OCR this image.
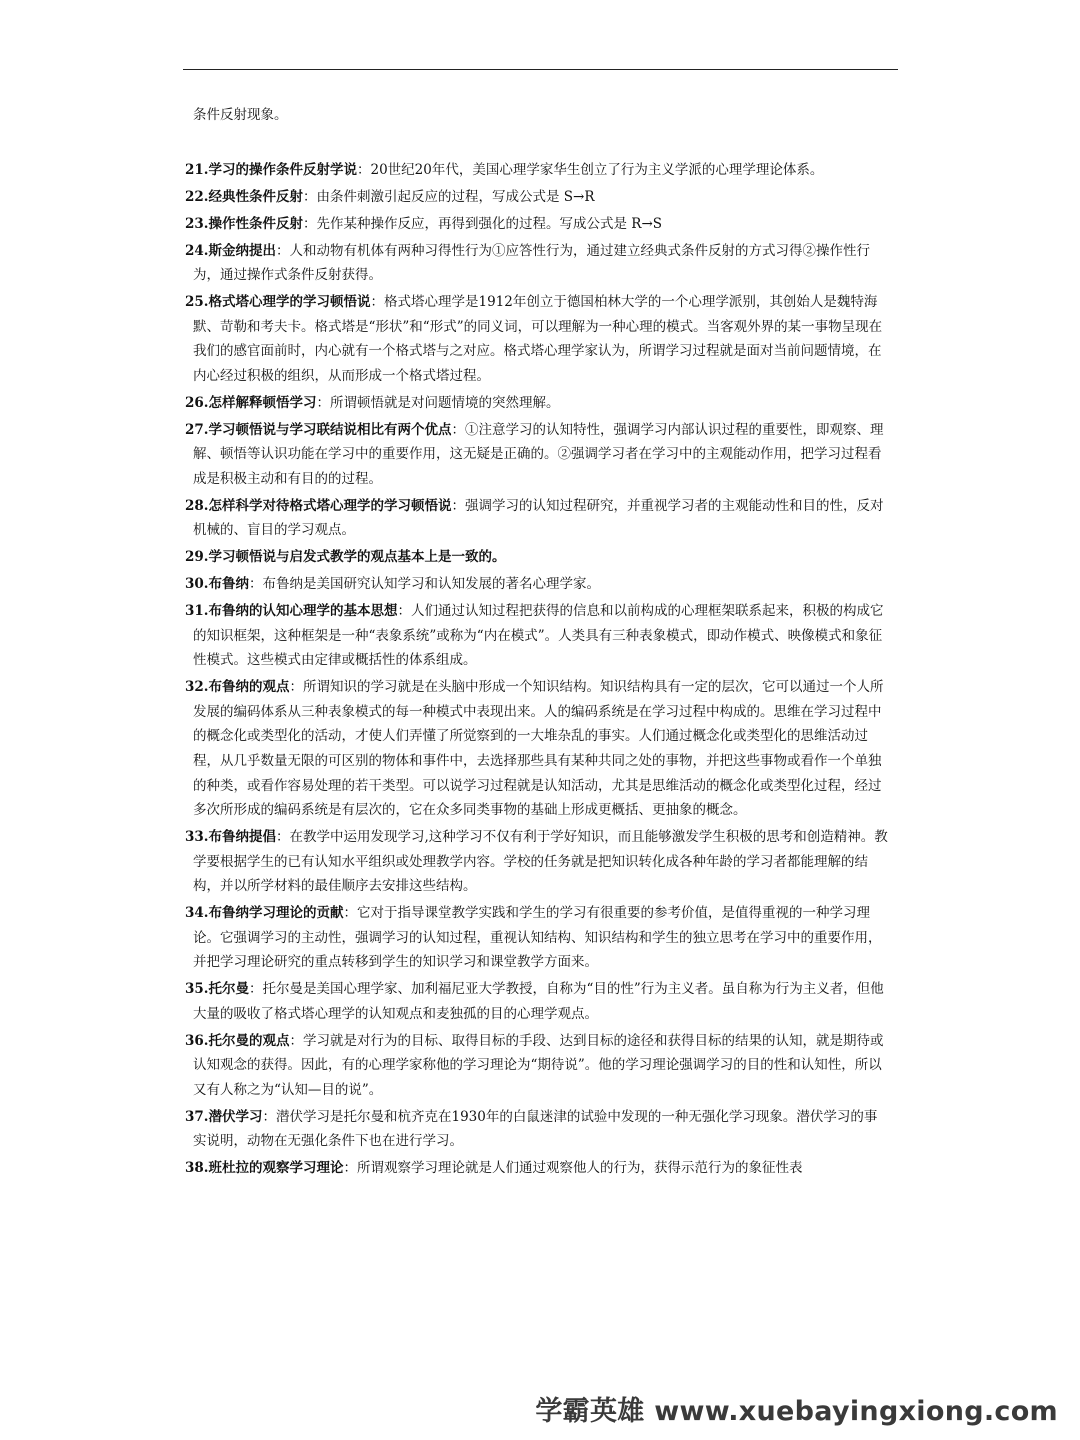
条件反射现象。

21.学习的操作条件反射学说：20世纪20年代，美国心理学家华生创立了行为主义学派的心理学理论体系。

22.经典性条件反射：由条件刺激引起反应的过程，写成公式是 S→R

23.操作性条件反射：先作某种操作反应，再得到强化的过程。写成公式是 R→S

24.斯金纳提出：人和动物有机体有两种习得性行为①应答性行为，通过建立经典式条件反射的方式习得②操作性行为，通过操作式条件反射获得。

25.格式塔心理学的学习顿悟说：格式塔心理学是1912年创立于德国柏林大学的一个心理学派别，其创始人是魏特海默、苛勒和考夫卡。格式塔是“形状”和“形式”的同义词，可以理解为一种心理的模式。当客观外界的某一事物呈现在我们的感官面前时，内心就有一个格式塔与之对应。格式塔心理学家认为，所谓学习过程就是面对当前问题情境，在内心经过积极的组织，从而形成一个格式塔过程。

26.怎样解释顿悟学习：所谓顿悟就是对问题情境的突然理解。

27.学习顿悟说与学习联结说相比有两个优点：①注意学习的认知特性，强调学习内部认识过程的重要性，即观察、理解、顿悟等认识功能在学习中的重要作用，这无疑是正确的。②强调学习者在学习中的主观能动作用，把学习过程看成是积极主动和有目的的过程。

28.怎样科学对待格式塔心理学的学习顿悟说：强调学习的认知过程研究，并重视学习者的主观能动性和目的性，反对机械的、盲目的学习观点。

29.学习顿悟说与启发式教学的观点基本上是一致的。

30.布鲁纳：布鲁纳是美国研究认知学习和认知发展的著名心理学家。

31.布鲁纳的认知心理学的基本思想：人们通过认知过程把获得的信息和以前构成的心理框架联系起来，积极的构成它的知识框架，这种框架是一种“表象系统”或称为“内在模式”。人类具有三种表象模式，即动作模式、映像模式和象征性模式。这些模式由定律或概括性的体系组成。

32.布鲁纳的观点：所谓知识的学习就是在头脑中形成一个知识结构。知识结构具有一定的层次，它可以通过一个人所发展的编码体系从三种表象模式的每一种模式中表现出来。人的编码系统是在学习过程中构成的。思维在学习过程中的概念化或类型化的活动，才使人们弄懂了所觉察到的一大堆杂乱的事实。人们通过概念化或类型化的思维活动过程，从几乎数量无限的可区别的物体和事件中，去选择那些具有某种共同之处的事物，并把这些事物或看作一个单独的种类，或看作容易处理的若干类型。可以说学习过程就是认知活动，尤其是思维活动的概念化或类型化过程，经过多次所形成的编码系统是有层次的，它在众多同类事物的基础上形成更概括、更抽象的概念。

33.布鲁纳提倡：在教学中运用发现学习,这种学习不仅有利于学好知识，而且能够激发学生积极的思考和创造精神。教学要根据学生的已有认知水平组织或处理教学内容。学校的任务就是把知识转化成各种年龄的学习者都能理解的结构，并以所学材料的最佳顺序去安排这些结构。

34.布鲁纳学习理论的贡献：它对于指导课堂教学实践和学生的学习有很重要的参考价值，是值得重视的一种学习理论。它强调学习的主动性，强调学习的认知过程，重视认知结构、知识结构和学生的独立思考在学习中的重要作用，并把学习理论研究的重点转移到学生的知识学习和课堂教学方面来。

35.托尔曼：托尔曼是美国心理学家、加利福尼亚大学教授，自称为“目的性”行为主义者。虽自称为行为主义者，但他大量的吸收了格式塔心理学的认知观点和麦独孤的目的心理学观点。

36.托尔曼的观点：学习就是对行为的目标、取得目标的手段、达到目标的途径和获得目标的结果的认知，就是期待或认知观念的获得。因此，有的心理学家称他的学习理论为“期待说”。他的学习理论强调学习的目的性和认知性，所以又有人称之为“认知—目的说”。

37.潜伏学习：潜伏学习是托尔曼和杭齐克在1930年的白鼠迷津的试验中发现的一种无强化学习现象。潜伏学习的事实说明，动物在无强化条件下也在进行学习。

38.班杜拉的观察学习理论：所谓观察学习理论就是人们通过观察他人的行为，获得示范行为的象征性表

学霸英雄 www.xuebayingxiong.com
